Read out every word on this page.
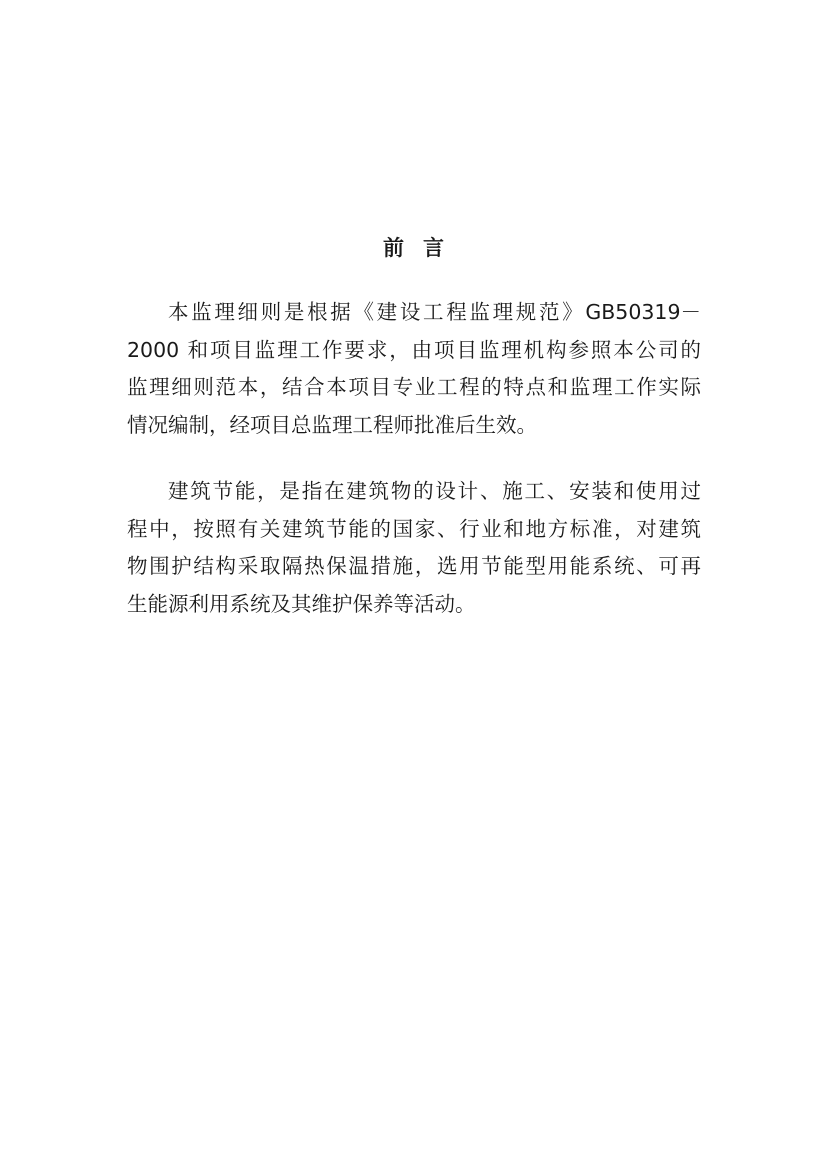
前言
本监理细则是根据《建设工程监理规范》GB50319－
2000 和项目监理工作要求，由项目监理机构参照本公司的
监理细则范本，结合本项目专业工程的特点和监理工作实际
情况编制，经项目总监理工程师批准后生效。
建筑节能，是指在建筑物的设计、施工、安装和使用过
程中，按照有关建筑节能的国家、行业和地方标准，对建筑
物围护结构采取隔热保温措施，选用节能型用能系统、可再
生能源利用系统及其维护保养等活动。
